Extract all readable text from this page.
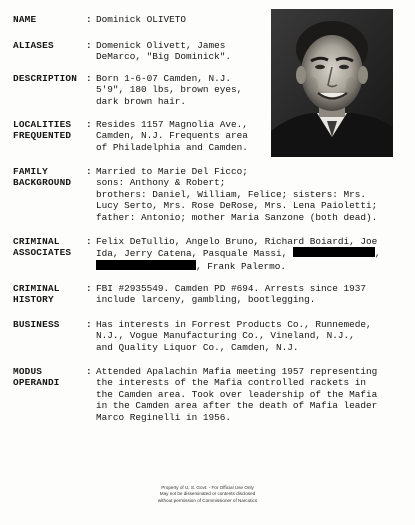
NAME	: Dominick OLIVETO
ALIASES	: Domenick Olivett, James
DeMarco, "Big Dominick".
DESCRIPTION : Born 1-6-07 Camden, N.J.
5'9", 180 lbs, brown eyes,
dark brown hair.
LOCALITIES
FREQUENTED
: Resides 1157 Magnolia Ave.,
Camden, N.J. Frequents area
of Philadelphia and Camden.
FAMILY
BACKGROUND
: Married to Marie Del Ficco;
sons: Anthony & Robert;
brothers: Daniel, William, Felice; sisters: Mrs.
Lucy Serto, Mrs. Rose DeRose, Mrs. Lena Paioletti;
father: Antonio; mother Maria Sanzone (both dead).
CRIMINAL
ASSOCIATES
: Felix DeTullio, Angelo Bruno, Richard Boiardi, Joe
Ida, Jerry Catena, Pasquale Massi,	,
, Frank Palermo.
CRIMINAL
HISTORY
: FBI #2935549. Camden PD #694. Arrests since 1937
include larceny, gambling, bootlegging.
BUSINESS	: Has interests in Forrest Products Co., Runnemede,
N.J., Vogue Manufacturing Co., Vineland, N.J.,
and Quality Liquor Co., Camden, N.J.
MODUS
OPERANDI
: Attended Apalachin Mafia meeting 1957 representing
the interests of the Mafia controlled rackets in
the Camden area. Took over leadership of the Mafia
in the Camden area after the death of Mafia leader
Marco Reginelli in 1956.
Property of U. S. Govt. - For Official Use Only
May not be disseminated or contents disclosed
without permission of Commissioner of Narcotics
